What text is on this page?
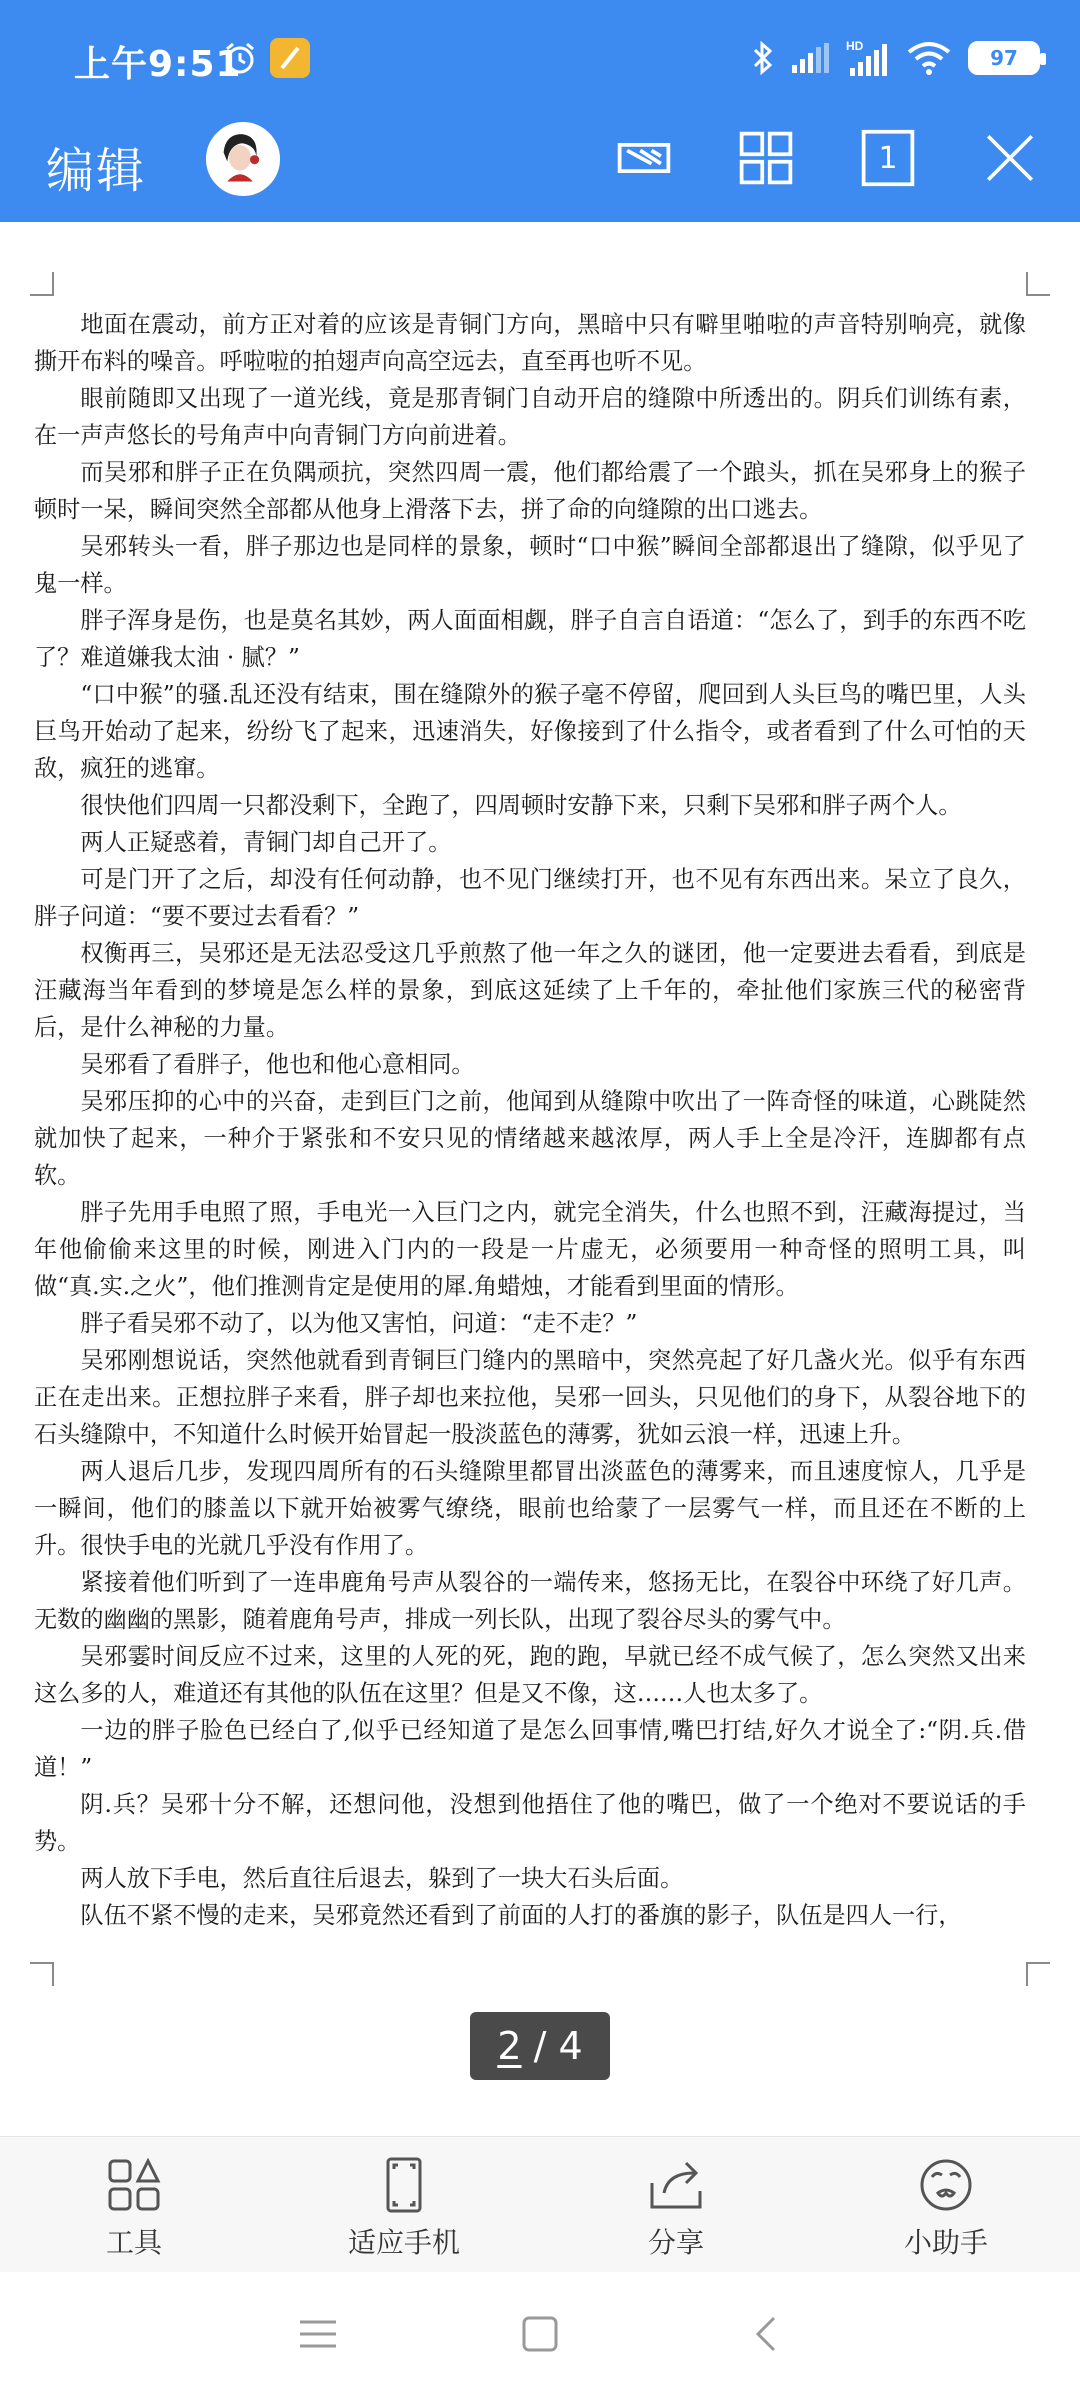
上午9:51	HD	97
编辑	1

地面在震动，前方正对着的应该是青铜门方向，黑暗中只有噼里啪啦的声音特别响亮，就像撕开布料的噪音。呼啦啦的拍翅声向高空远去，直至再也听不见。

眼前随即又出现了一道光线，竟是那青铜门自动开启的缝隙中所透出的。阴兵们训练有素，在一声声悠长的号角声中向青铜门方向前进着。

而吴邪和胖子正在负隅顽抗，突然四周一震，他们都给震了一个踉头，抓在吴邪身上的猴子顿时一呆，瞬间突然全部都从他身上滑落下去，拼了命的向缝隙的出口逃去。

吴邪转头一看，胖子那边也是同样的景象，顿时“口中猴”瞬间全部都退出了缝隙，似乎见了鬼一样。

胖子浑身是伤，也是莫名其妙，两人面面相觑，胖子自言自语道：“怎么了，到手的东西不吃了？难道嫌我太油 · 腻？”

“口中猴”的骚.乱还没有结束，围在缝隙外的猴子毫不停留，爬回到人头巨鸟的嘴巴里，人头巨鸟开始动了起来，纷纷飞了起来，迅速消失，好像接到了什么指令，或者看到了什么可怕的天敌，疯狂的逃窜。

很快他们四周一只都没剩下，全跑了，四周顿时安静下来，只剩下吴邪和胖子两个人。

两人正疑惑着，青铜门却自己开了。

可是门开了之后，却没有任何动静，也不见门继续打开，也不见有东西出来。呆立了良久，胖子问道：“要不要过去看看？”

权衡再三，吴邪还是无法忍受这几乎煎熬了他一年之久的谜团，他一定要进去看看，到底是汪藏海当年看到的梦境是怎么样的景象，到底这延续了上千年的，牵扯他们家族三代的秘密背后，是什么神秘的力量。

吴邪看了看胖子，他也和他心意相同。

吴邪压抑的心中的兴奋，走到巨门之前，他闻到从缝隙中吹出了一阵奇怪的味道，心跳陡然就加快了起来，一种介于紧张和不安只见的情绪越来越浓厚，两人手上全是冷汗，连脚都有点软。

胖子先用手电照了照，手电光一入巨门之内，就完全消失，什么也照不到，汪藏海提过，当年他偷偷来这里的时候，刚进入门内的一段是一片虚无，必须要用一种奇怪的照明工具，叫做“真.实.之火”，他们推测肯定是使用的犀.角蜡烛，才能看到里面的情形。

胖子看吴邪不动了，以为他又害怕，问道：“走不走？”

吴邪刚想说话，突然他就看到青铜巨门缝内的黑暗中，突然亮起了好几盏火光。似乎有东西正在走出来。正想拉胖子来看，胖子却也来拉他，吴邪一回头，只见他们的身下，从裂谷地下的石头缝隙中，不知道什么时候开始冒起一股淡蓝色的薄雾，犹如云浪一样，迅速上升。

两人退后几步，发现四周所有的石头缝隙里都冒出淡蓝色的薄雾来，而且速度惊人，几乎是一瞬间，他们的膝盖以下就开始被雾气缭绕，眼前也给蒙了一层雾气一样，而且还在不断的上升。很快手电的光就几乎没有作用了。

紧接着他们听到了一连串鹿角号声从裂谷的一端传来，悠扬无比，在裂谷中环绕了好几声。无数的幽幽的黑影，随着鹿角号声，排成一列长队，出现了裂谷尽头的雾气中。

吴邪霎时间反应不过来，这里的人死的死，跑的跑，早就已经不成气候了，怎么突然又出来这么多的人，难道还有其他的队伍在这里？但是又不像，这……人也太多了。

一边的胖子脸色已经白了,似乎已经知道了是怎么回事情,嘴巴打结,好久才说全了:“阴.兵.借道！”

阴.兵？吴邪十分不解，还想问他，没想到他捂住了他的嘴巴，做了一个绝对不要说话的手势。

两人放下手电，然后直往后退去，躲到了一块大石头后面。

队伍不紧不慢的走来，吴邪竟然还看到了前面的人打的番旗的影子，队伍是四人一行，

2 / 4
工具	适应手机	分享	小助手
